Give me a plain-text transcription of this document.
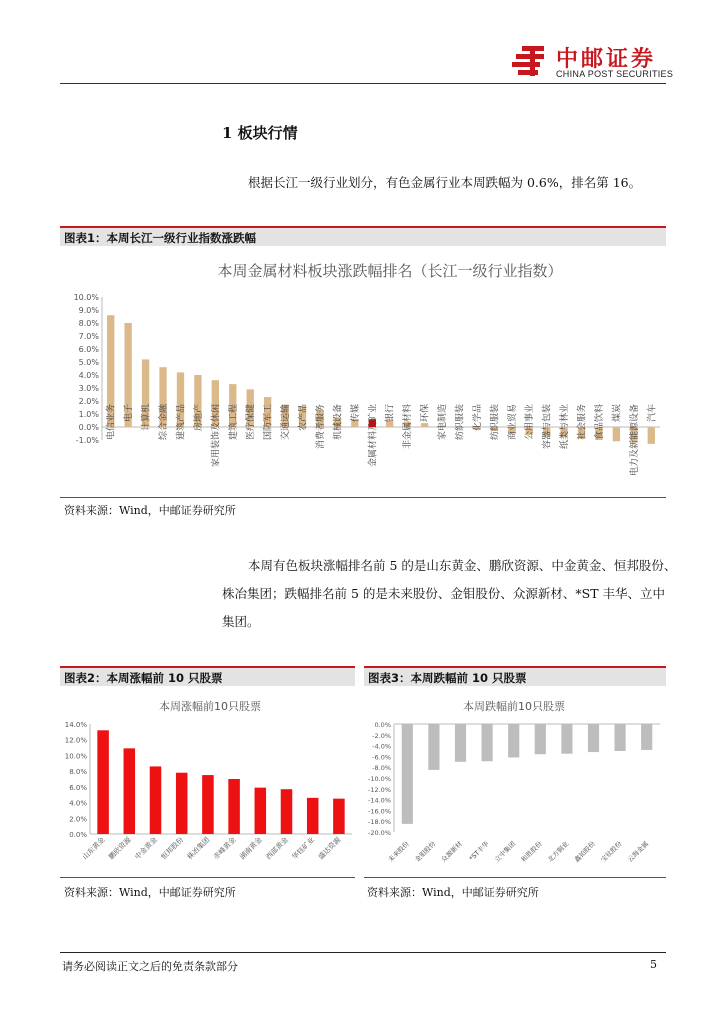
中邮证券
CHINA POST SECURITIES
1 板块行情
根据长江一级行业划分，有色金属行业本周跌幅为 0.6%，排名第 16。
图表1：本周长江一级行业指数涨跌幅
本周金属材料板块涨跌幅排名（长江一级行业指数）
-1.0%
0.0%
1.0%
2.0%
3.0%
4.0%
5.0%
6.0%
7.0%
8.0%
9.0%
10.0%
电信业务 电子 计算机 综合金融 建筑产品 房地产 家用装饰及休闲 建筑工程 医疗保健 国防军工 交通运输 农产品 消费者服务 机械设备 传媒 金属材料及矿业 银行 非金属材料 环保 家电制造 纺织服装 化学品 纺织服装 商业贸易 公用事业 容器与包装 纸类与林业 社会服务 食品饮料 煤炭 电力及新能源设备 汽车
资料来源：Wind，中邮证券研究所
本周有色板块涨幅排名前 5 的是山东黄金、鹏欣资源、中金黄金、恒邦股份、
株冶集团；跌幅排名前 5 的是未来股份、金钼股份、众源新材、*ST 丰华、立中
集团。
图表2：本周涨幅前 10 只股票	图表3：本周跌幅前 10 只股票
本周涨幅前10只股票
0.0%
2.0%
4.0%
6.0%
8.0%
10.0%
12.0%
14.0%
山东黄金 鹏欣资源 中金黄金 恒邦股份 株冶集团 赤峰黄金 湖南黄金 西部黄金 华钰矿业 盛达资源
本周跌幅前10只股票
0.0%
-2.0%
-4.0%
-6.0%
-8.0%
-10.0%
-12.0%
-14.0%
-16.0%
-18.0%
-20.0%
未来股份 金钼股份 众源新材 *ST丰华 立中集团 和胜股份 北方铜业 鑫铂股份 宝钛股份 云海金属
资料来源：Wind，中邮证券研究所	资料来源：Wind，中邮证券研究所
请务必阅读正文之后的免责条款部分	5
